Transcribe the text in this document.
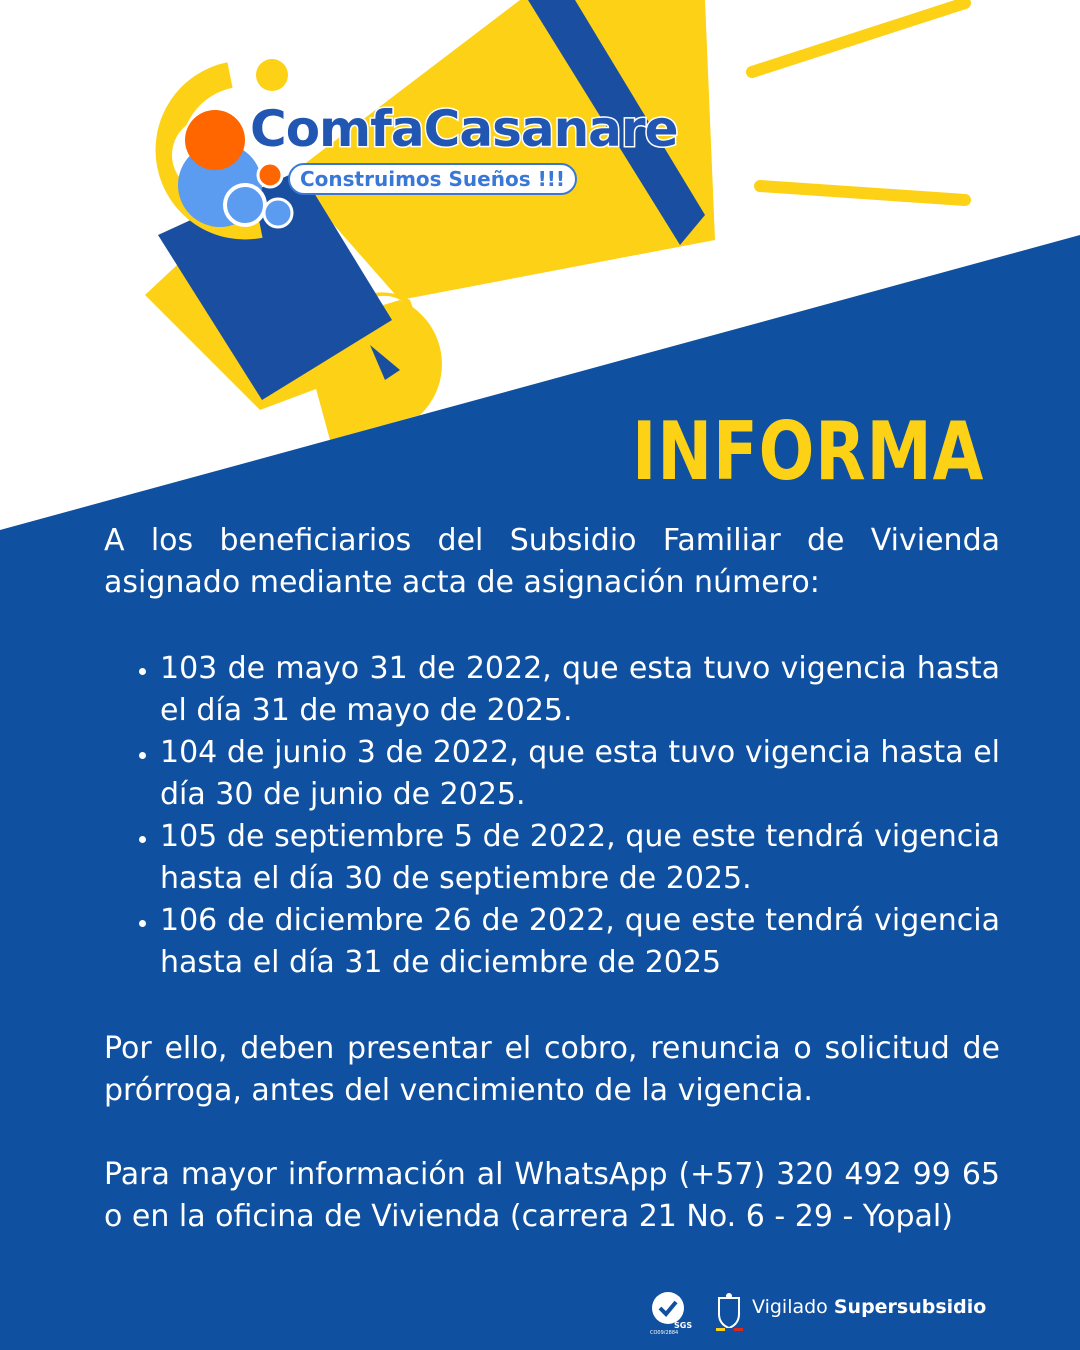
ComfaCasanare
Construimos Sueños !!!
INFORMA

A los beneficiarios del Subsidio Familiar de Vivienda asignado mediante acta de asignación número:

• 103 de mayo 31 de 2022, que esta tuvo vigencia hasta el día 31 de mayo de 2025.
• 104 de junio 3 de 2022, que esta tuvo vigencia hasta el día 30 de junio de 2025.
• 105 de septiembre 5 de 2022, que este tendrá vigencia hasta el día 30 de septiembre de 2025.
• 106 de diciembre 26 de 2022, que este tendrá vigencia hasta el día 31 de diciembre de 2025

Por ello, deben presentar el cobro, renuncia o solicitud de prórroga, antes del vencimiento de la vigencia.

Para mayor información al WhatsApp (+57) 320 492 99 65 o en la oficina de Vivienda (carrera 21 No. 6 - 29 - Yopal)

SGS
CO09/2884
Vigilado Supersubsidio
